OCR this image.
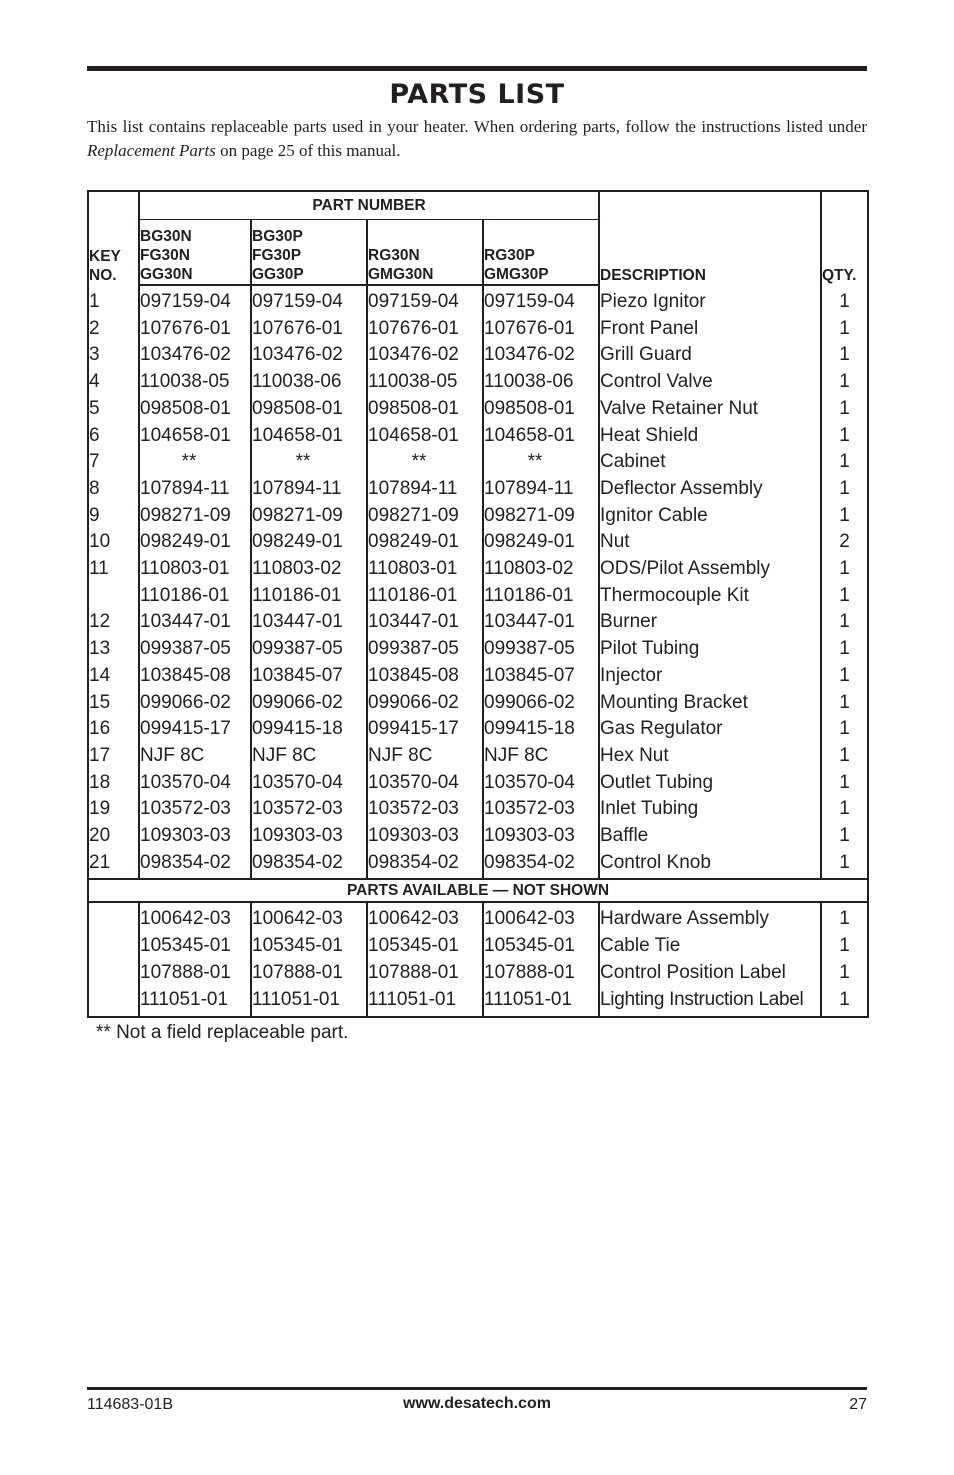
PARTS LIST
This list contains replaceable parts used in your heater. When ordering parts, follow the instructions listed under Replacement Parts on page 25 of this manual.
KEY
NO.	PART NUMBER				DESCRIPTION	QTY.
	BG30N
FG30N
GG30N	BG30P
FG30P
GG30P	RG30N
GMG30N	RG30P
GMG30P		
1	097159-04	097159-04	097159-04	097159-04	Piezo Ignitor	1
2	107676-01	107676-01	107676-01	107676-01	Front Panel	1
3	103476-02	103476-02	103476-02	103476-02	Grill Guard	1
4	110038-05	110038-06	110038-05	110038-06	Control Valve	1
5	098508-01	098508-01	098508-01	098508-01	Valve Retainer Nut	1
6	104658-01	104658-01	104658-01	104658-01	Heat Shield	1
7	**	**	**	**	Cabinet	1
8	107894-11	107894-11	107894-11	107894-11	Deflector Assembly	1
9	098271-09	098271-09	098271-09	098271-09	Ignitor Cable	1
10	098249-01	098249-01	098249-01	098249-01	Nut	2
11	110803-01	110803-02	110803-01	110803-02	ODS/Pilot Assembly	1
	110186-01	110186-01	110186-01	110186-01	Thermocouple Kit	1
12	103447-01	103447-01	103447-01	103447-01	Burner	1
13	099387-05	099387-05	099387-05	099387-05	Pilot Tubing	1
14	103845-08	103845-07	103845-08	103845-07	Injector	1
15	099066-02	099066-02	099066-02	099066-02	Mounting Bracket	1
16	099415-17	099415-18	099415-17	099415-18	Gas Regulator	1
17	NJF 8C	NJF 8C	NJF 8C	NJF 8C	Hex Nut	1
18	103570-04	103570-04	103570-04	103570-04	Outlet Tubing	1
19	103572-03	103572-03	103572-03	103572-03	Inlet Tubing	1
20	109303-03	109303-03	109303-03	109303-03	Baffle	1
21	098354-02	098354-02	098354-02	098354-02	Control Knob	1
PARTS AVAILABLE — NOT SHOWN						
	100642-03	100642-03	100642-03	100642-03	Hardware Assembly	1
	105345-01	105345-01	105345-01	105345-01	Cable Tie	1
	107888-01	107888-01	107888-01	107888-01	Control Position Label	1
	111051-01	111051-01	111051-01	111051-01	Lighting Instruction Label	1
** Not a field replaceable part.
114683-01B	www.desatech.com	27
